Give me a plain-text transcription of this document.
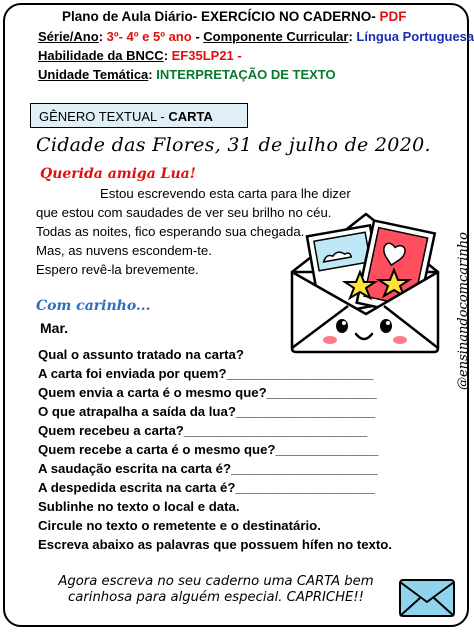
Plano de Aula Diário- EXERCÍCIO NO CADERNO- PDF
Série/Ano: 3º- 4º e 5º ano - Componente Curricular: Língua Portuguesa
Habilidade da BNCC: EF35LP21 -
Unidade Temática: INTERPRETAÇÃO DE TEXTO
GÊNERO TEXTUAL - CARTA
Cidade das Flores, 31 de julho de 2020.
Querida amiga Lua!
Estou escrevendo esta carta para lhe dizer
que estou com saudades de ver seu brilho no céu.
Todas as noites, fico esperando sua chegada.
Mas, as nuvens escondem-te.
Espero revê-la brevemente.
Com carinho...
Mar.
Qual o assunto tratado na carta?
A carta foi enviada por quem?____________________
Quem envia a carta é o mesmo que?_______________
O que atrapalha a saída da lua?___________________
Quem recebeu a carta?_________________________
Quem recebe a carta é o mesmo que?______________
A saudação escrita na carta é?____________________
A despedida escrita na carta é?___________________
Sublinhe no texto o local e data.
Circule no texto o remetente e o destinatário.
Escreva abaixo as palavras que possuem hífen no texto.
Agora escreva no seu caderno uma CARTA bem carinhosa para alguém especial. CAPRICHE!!
@ensinandocomcarinho
